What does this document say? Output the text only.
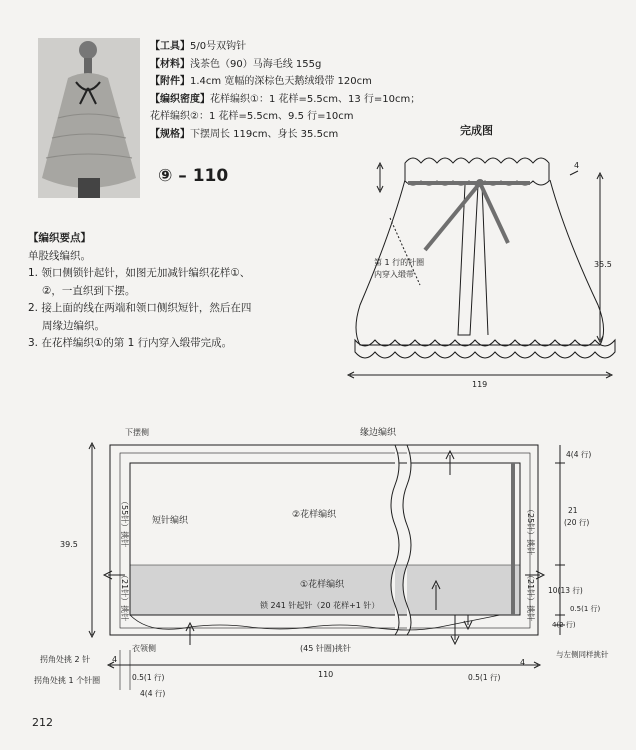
【工具】5/0号双钩针
【材料】浅茶色（90）马海毛线 155g
【附件】1.4cm 宽幅的深棕色天鹅绒缎带 120cm
【编织密度】花样编织①：1 花样=5.5cm、13 行=10cm；
花样编织②：1 花样=5.5cm、9.5 行=10cm
【规格】下摆周长 119cm、身长 35.5cm
⑨ – 110
完成图
4
35.5
119
第 1 行的针圈
内穿入缎带
【编织要点】
单股线编织。
1. 领口侧锁针起针，如图无加减针编织花样①、
②，一直织到下摆。
2. 接上面的线在两端和领口侧织短针，然后在四
周缘边编织。
3. 在花样编织①的第 1 行内穿入缎带完成。
下摆侧	缘边编织
②花样编织
①花样编织
短针编织
锁 241 针起针（20 花样+1 针）
（55针）挑针
（21针）挑针
（25针）挑针
（21针）挑针
39.5
4(4 行)
21
(20 行)
10(13 行)
0.5(1 行)
4(2 行)
衣领侧	(45 针圈)挑针
110
4	4
拐角处挑 2 针
拐角处挑 1 个针圈	0.5(1 行)
4(4 行)
0.5(1 行)
与左侧同样挑针
212
